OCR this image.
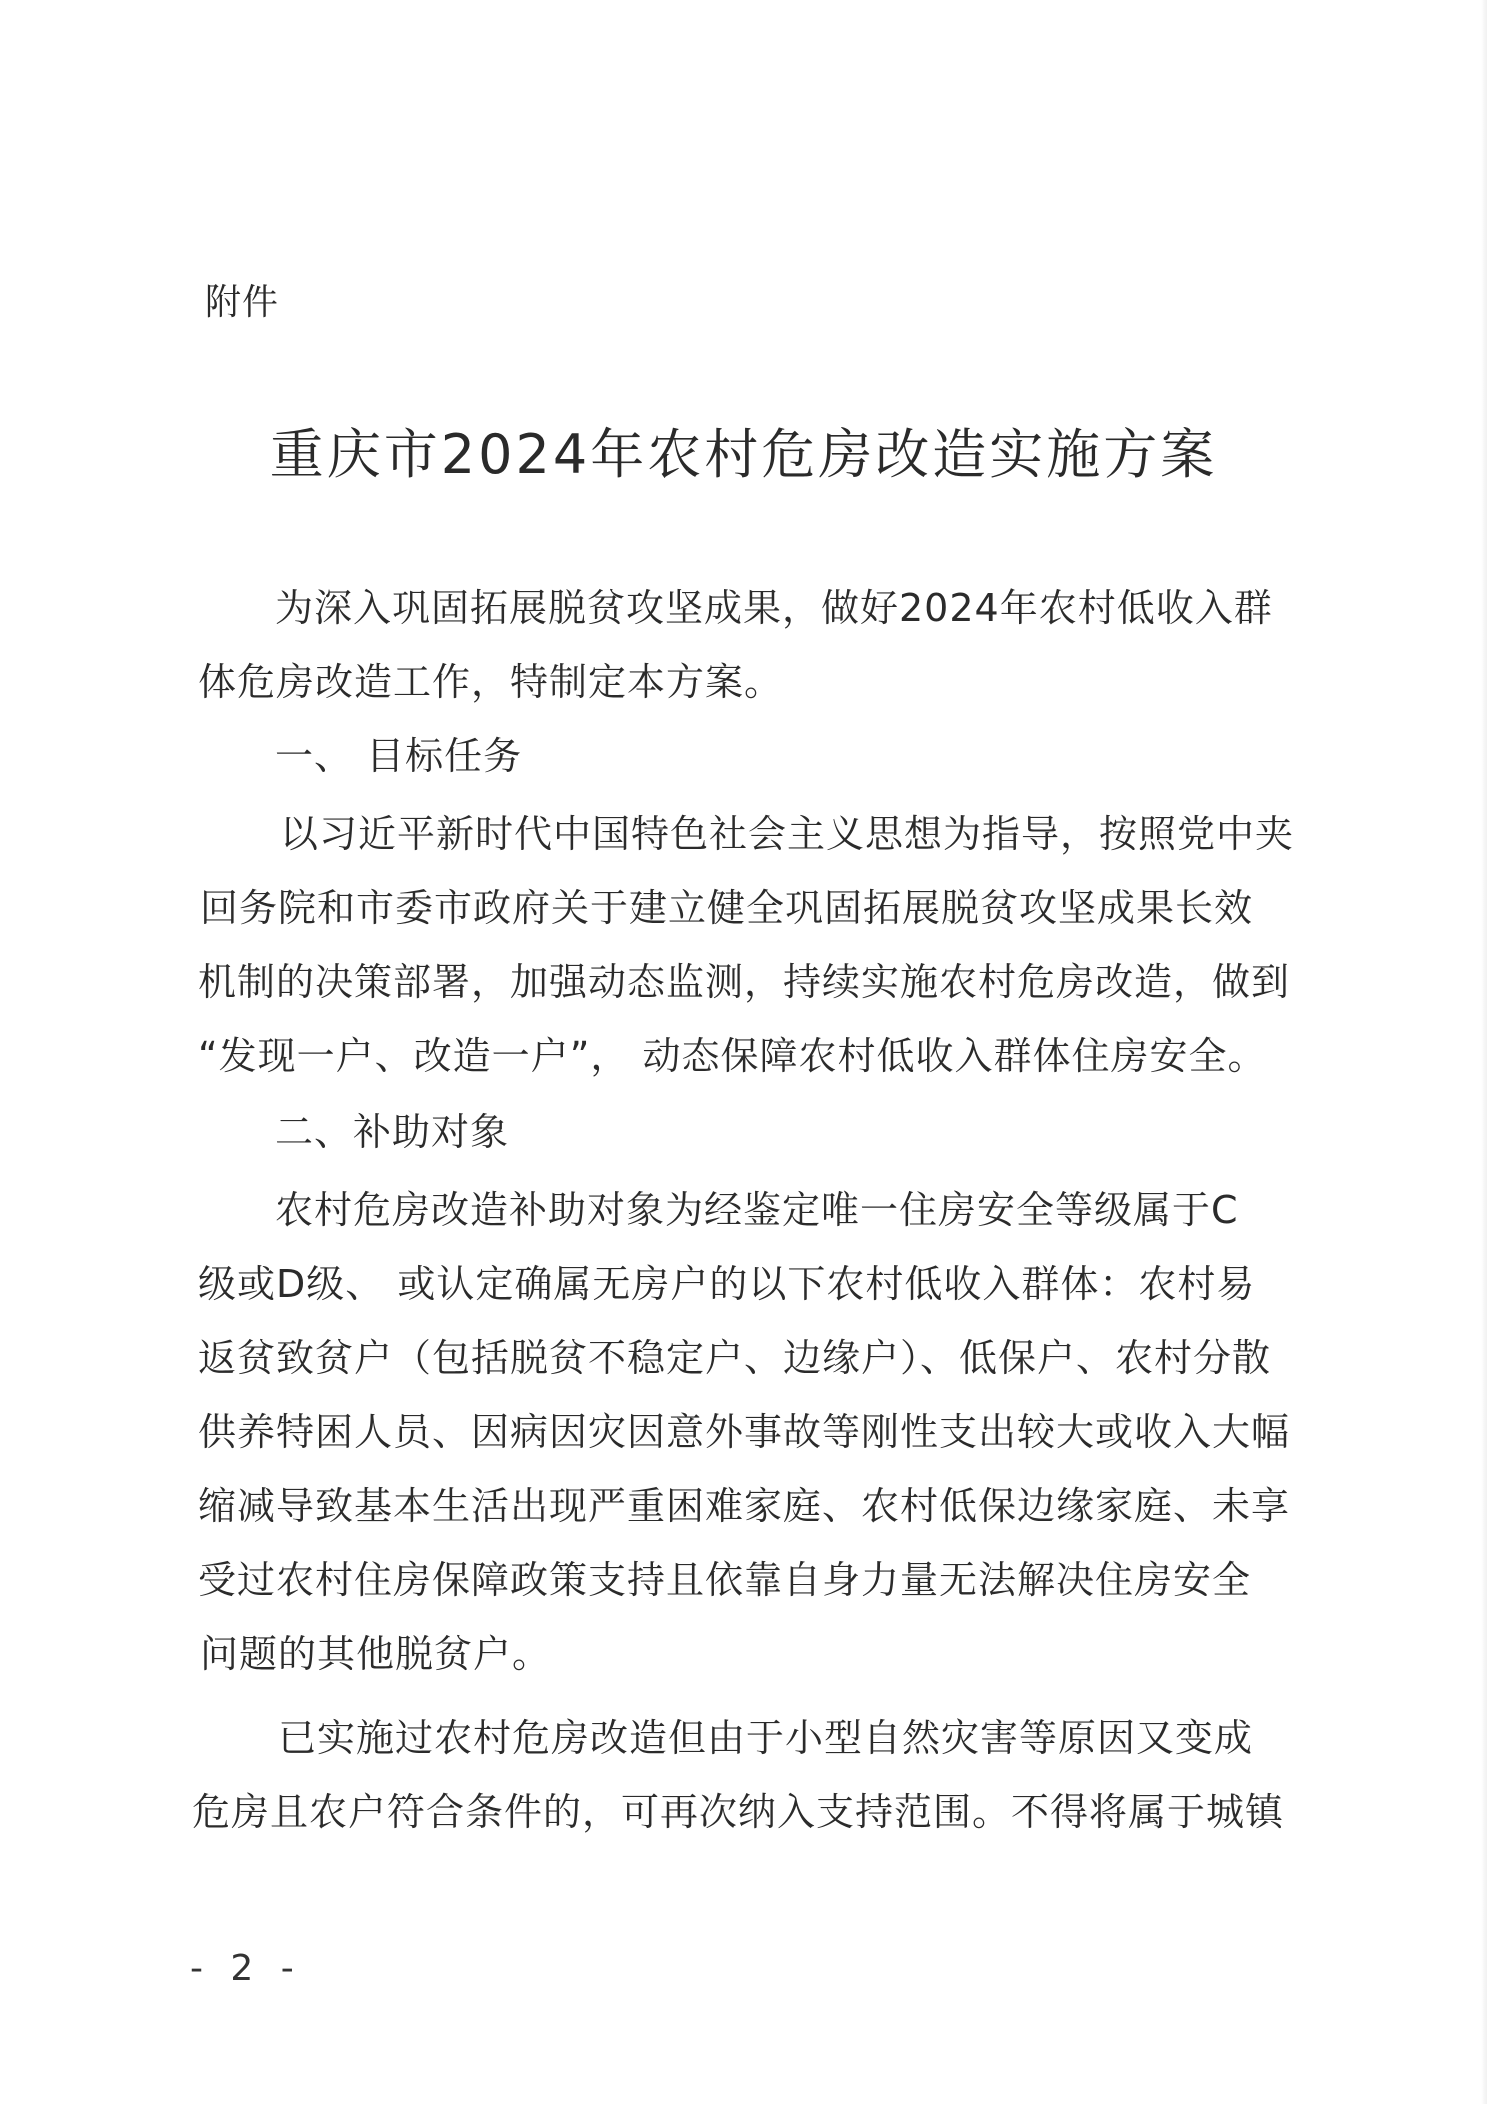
附件
重庆市2024年农村危房改造实施方案
为深入巩固拓展脱贫攻坚成果，做好2024年农村低收入群
体危房改造工作，特制定本方案。
一、 目标任务
以习近平新时代中国特色社会主义思想为指导，按照党中夹
回务院和市委市政府关于建立健全巩固拓展脱贫攻坚成果长效
机制的决策部署，加强动态监测，持续实施农村危房改造，做到
“发现一户、改造一户”， 动态保障农村低收入群体住房安全。
二、补助对象
农村危房改造补助对象为经鉴定唯一住房安全等级属于C
级或D级、 或认定确属无房户的以下农村低收入群体：农村易
返贫致贫户（包括脱贫不稳定户、边缘户）、低保户、农村分散
供养特困人员、因病因灾因意外事故等刚性支出较大或收入大幅
缩减导致基本生活出现严重困难家庭、农村低保边缘家庭、未享
受过农村住房保障政策支持且依靠自身力量无法解决住房安全
问题的其他脱贫户。
已实施过农村危房改造但由于小型自然灾害等原因又变成
危房且农户符合条件的，可再次纳入支持范围。不得将属于城镇
- 2 -
